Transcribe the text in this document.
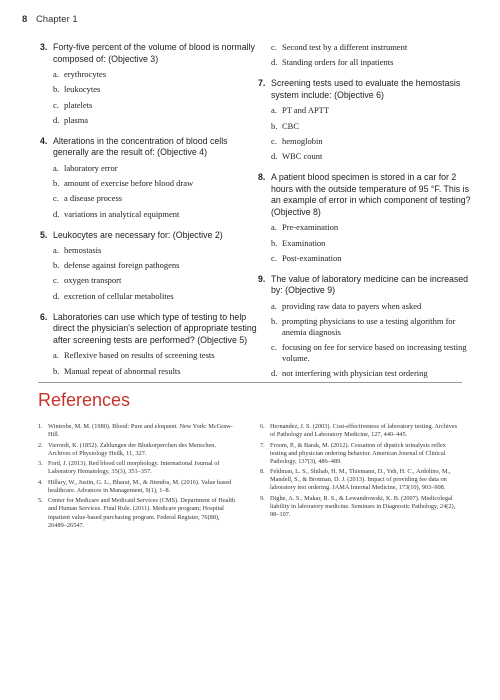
8 Chapter 1
3. Forty-five percent of the volume of blood is normally composed of: (Objective 3)
a. erythrocytes
b. leukocytes
c. platelets
d. plasma
4. Alterations in the concentration of blood cells generally are the result of: (Objective 4)
a. laboratory error
b. amount of exercise before blood draw
c. a disease process
d. variations in analytical equipment
5. Leukocytes are necessary for: (Objective 2)
a. hemostasis
b. defense against foreign pathogens
c. oxygen transport
d. excretion of cellular metabolites
6. Laboratories can use which type of testing to help direct the physician's selection of appropriate testing after screening tests are performed? (Objective 5)
a. Reflexive based on results of screening tests
b. Manual repeat of abnormal results
c. Second test by a different instrument
d. Standing orders for all inpatients
7. Screening tests used to evaluate the hemostasis system include: (Objective 6)
a. PT and APTT
b. CBC
c. hemoglobin
d. WBC count
8. A patient blood specimen is stored in a car for 2 hours with the outside temperature of 95 °F. This is an example of error in which component of testing? (Objective 8)
a. Pre-examination
b. Examination
c. Post-examination
9. The value of laboratory medicine can be increased by: (Objective 9)
a. providing raw data to payers when asked
b. prompting physicians to use a testing algorithm for anemia diagnosis
c. focusing on fee for service based on increasing testing volume.
d. not interfering with physician test ordering
References
1. Wintrobe, M. M. (1980). Blood: Pure and eloquent. New York: McGraw-Hill.
2. Vierordt, K. (1852). Zahlungen der Blutkorperchen des Menschen. Archives of Physiology Heilk, 11, 327.
3. Ford, J. (2013). Red blood cell morphology. International Journal of Laboratory Hematology, 35(3), 351–357.
4. Hillary, W., Justin, G. L., Bharat, M., & Jitendra, M. (2016). Value based healthcare. Advances in Management, 9(1), 1–8.
5. Center for Medicare and Medicaid Services (CMS). Department of Health and Human Services. Final Rule. (2011). Medicare program; Hospital inpatient value-based purchasing program. Federal Register, 76(88), 26489–26547.
6. Hernandez, J. S. (2003). Cost-effectiveness of laboratory testing. Archives of Pathology and Laboratory Medicine, 127, 440–445.
7. Froom, P., & Barak, M. (2012). Cessation of dipstick urinalysis reflex testing and physician ordering behavior. American Journal of Clinical Pathology, 137(3), 486–489.
8. Feldman, L. S., Shihab, H. M., Thiemann, D., Yeh, H. C., Ardolino, M., Mandell, S., & Brotman, D. J. (2013). Impact of providing fee data on laboratory test ordering. JAMA Internal Medicine, 173(10), 903–908.
9. Dighe, A. S., Makar, R. S., & Lewandrowski, K. B. (2007). Medicolegal liability in laboratory medicine. Seminars in Diagnostic Pathology, 24(2), 98–107.
